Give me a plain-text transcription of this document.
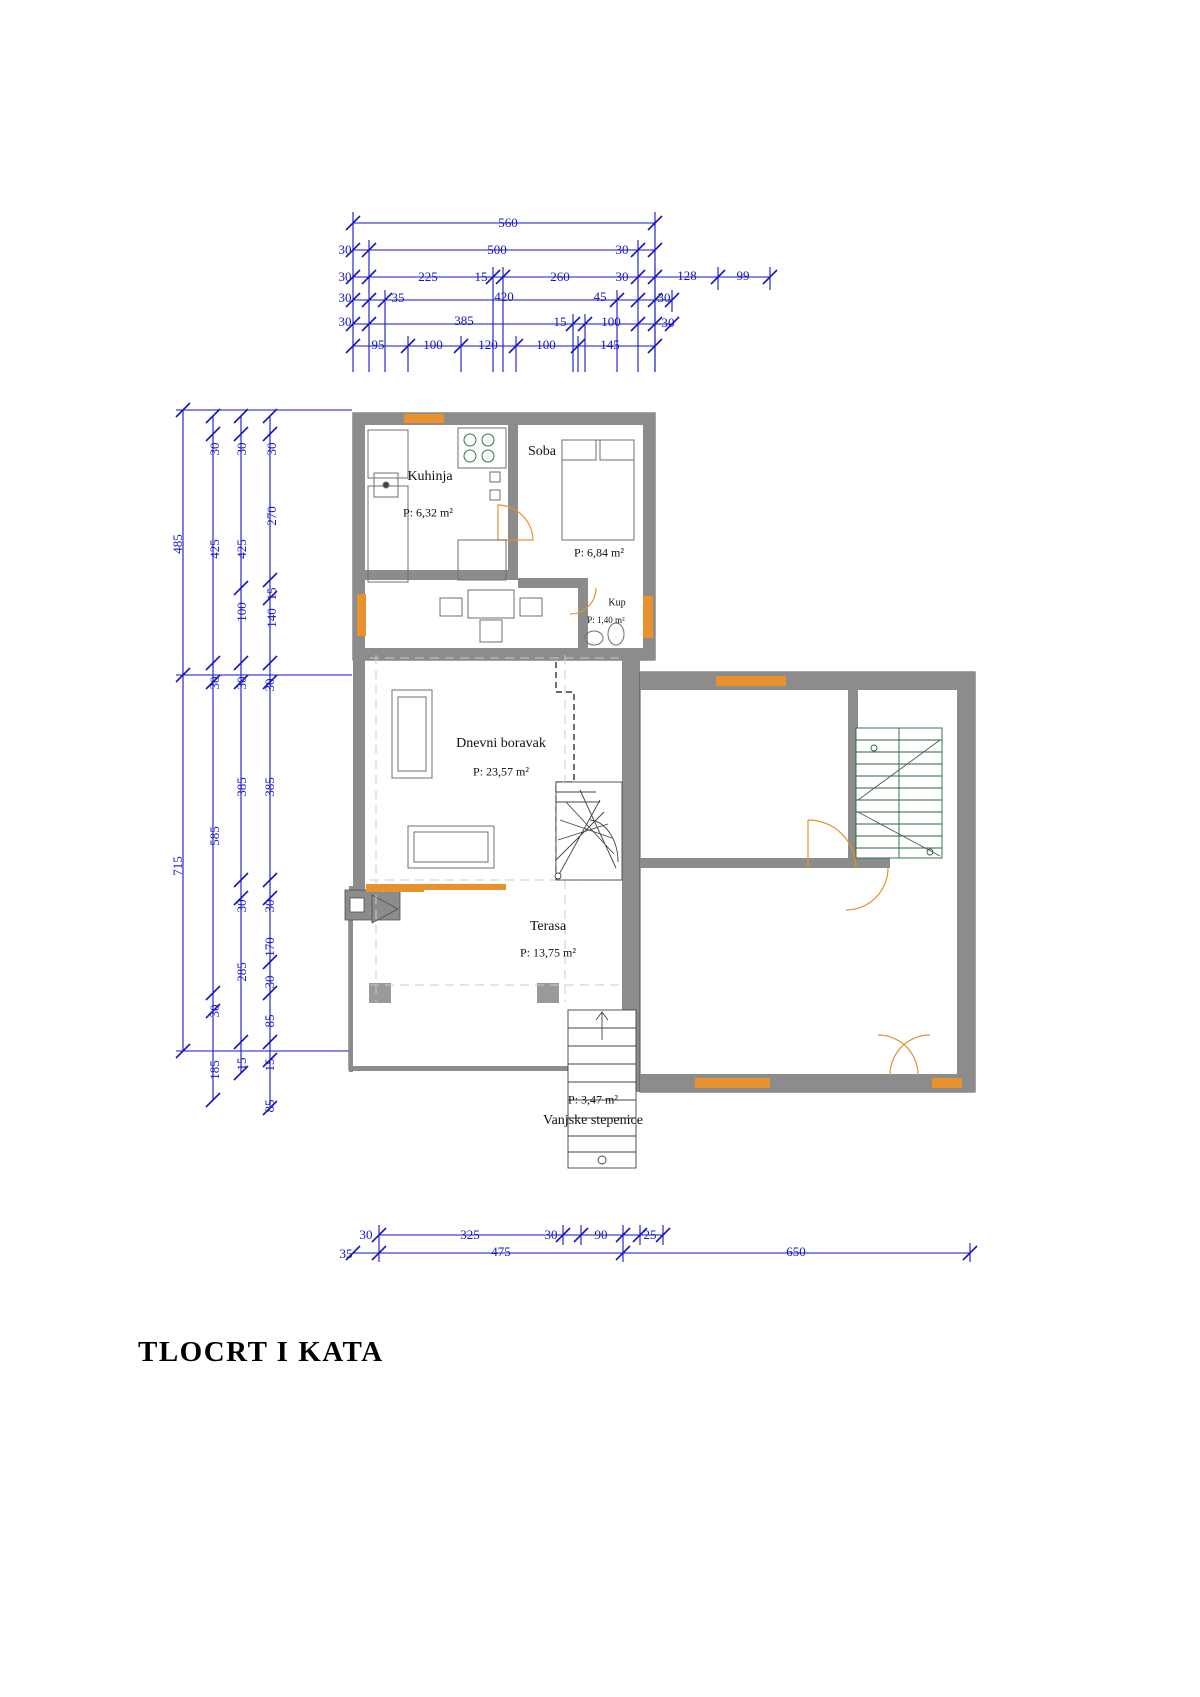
560
30	500	30
30	225	15	260	30	128	99
30	35	420	45	30
30	385	15	100	30
95	100	120	100	145
485 425 425
30 30 30
270
100 140
15
30 30 30
385 385
585
715
30 30
170
285
30
30
85
185 15 15
85
30	325	30	90	25
35	475	650
Kuhinja
P: 6,32 m²
Soba
P: 6,84 m²
Kup
P: 1,40 m²
Dnevni boravak
P: 23,57 m²
Terasa
P: 13,75 m²
Vanjske stepenice
P: 3,47 m²
TLOCRT I KATA
